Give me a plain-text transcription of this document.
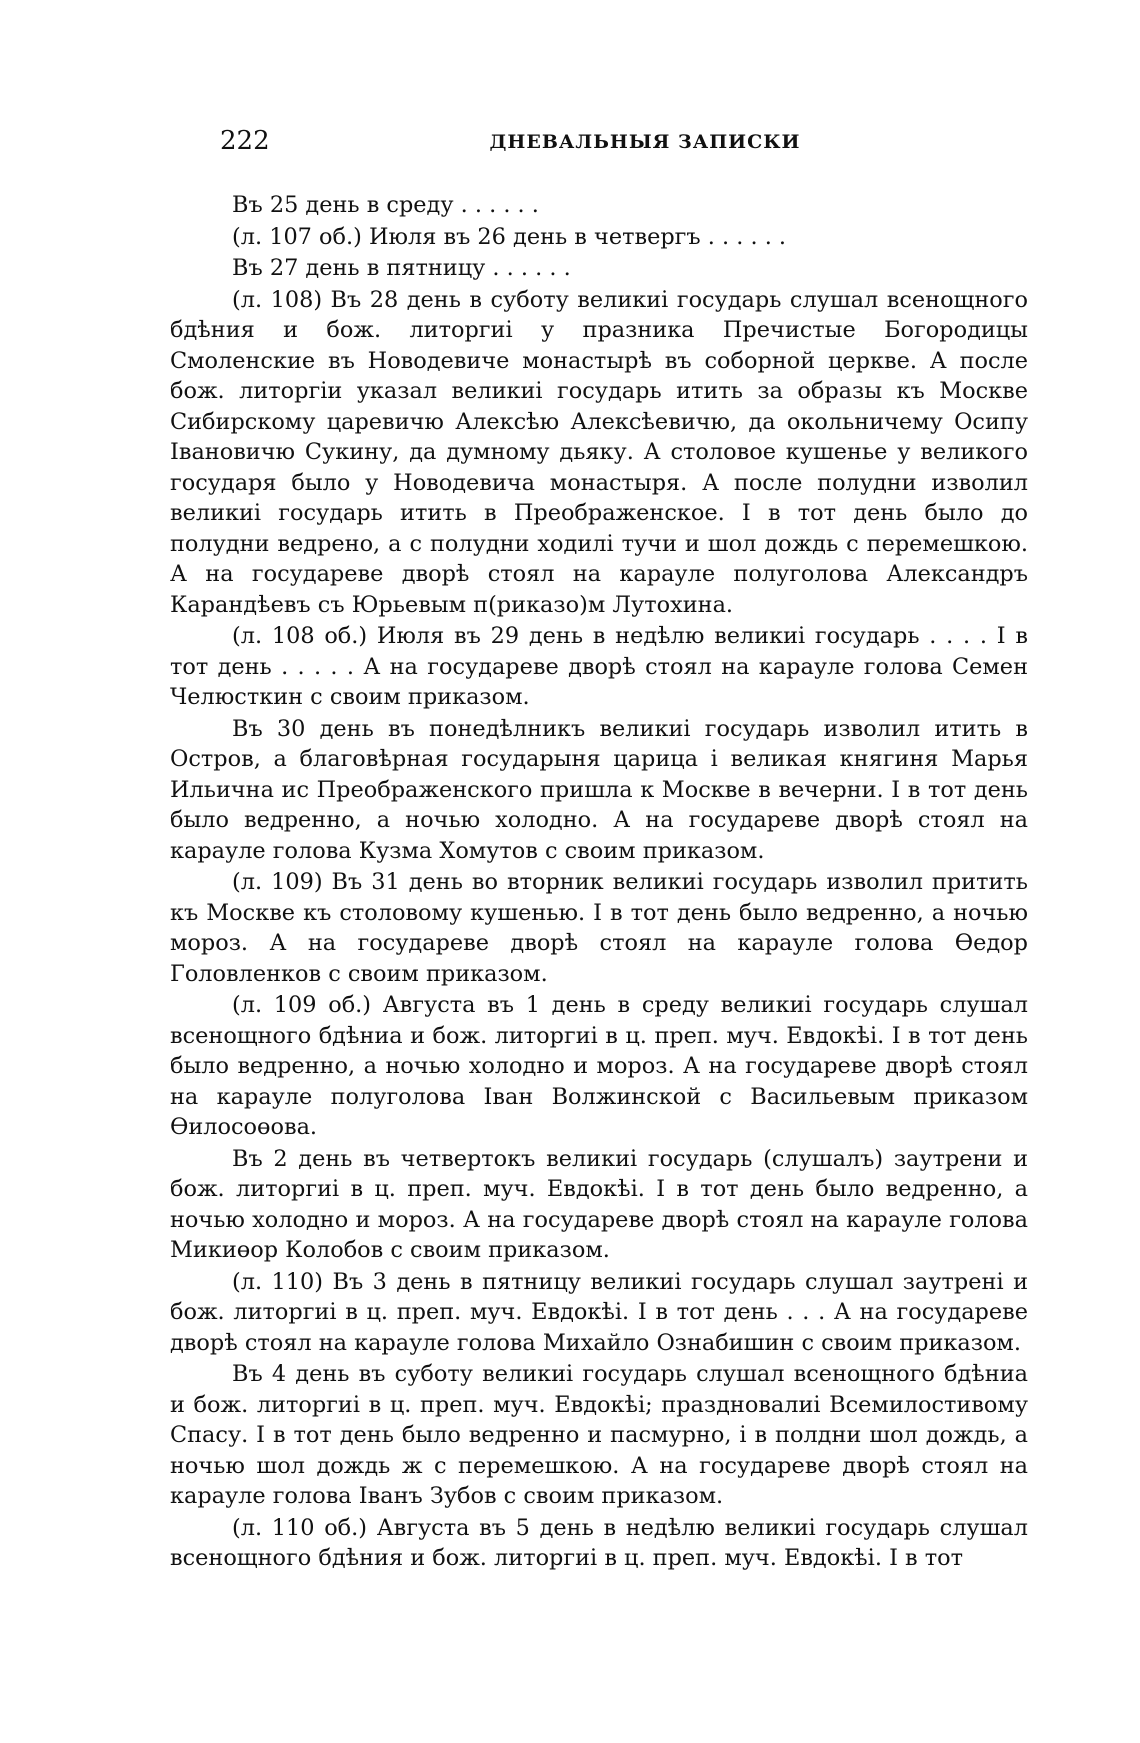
222	ДНЕВАЛЬНЫЯ ЗАПИСКИ

Въ 25 день в среду . . . . . .

(л. 107 об.) Июля въ 26 день в четвергъ . . . . . .

Въ 27 день в пятницу . . . . . .

(л. 108) Въ 28 день в суботу великиі государь слушал всенощного бдѣния и бож. литоргиі у празника Пречистые Богородицы Смоленские въ Новодевиче монастырѣ въ соборной церкве. А после бож. литоргіи указал великиі государь итить за образы къ Москве Сибирскому царевичю Алексѣю Алексѣевичю, да окольничему Осипу Івановичю Сукину, да думному дьяку. А столовое кушенье у великого государя было у Новодевича монастыря. А после полудни изволил великиі государь итить в Преображенское. І в тот день было до полудни ведрено, а с полудни ходилі тучи и шол дождь с перемешкою. А на государеве дворѣ стоял на карауле полуголова Александръ Карандѣевъ съ Юрьевым п(риказо)м Лутохина.

(л. 108 об.) Июля въ 29 день в недѣлю великиі государь . . . . І в тот день . . . . . А на государеве дворѣ стоял на карауле голова Семен Челюсткин с своим приказом.

Въ 30 день въ понедѣлникъ великиі государь изволил итить в Остров, а благовѣрная государыня царица і великая княгиня Марья Ильична ис Преображенского пришла к Москве в вечерни. І в тот день было ведренно, а ночью холодно. А на государеве дворѣ стоял на карауле голова Кузма Хомутов с своим приказом.

(л. 109) Въ 31 день во вторник великиі государь изволил притить къ Москве къ столовому кушенью. І в тот день было ведренно, а ночью мороз. А на государеве дворѣ стоял на карауле голова Өедор Головленков с своим приказом.

(л. 109 об.) Августа въ 1 день в среду великиі государь слушал всенощного бдѣниа и бож. литоргиі в ц. преп. муч. Евдокѣі. І в тот день было ведренно, а ночью холодно и мороз. А на государеве дворѣ стоял на карауле полуголова Іван Волжинской с Васильевым приказом Өилосоөова.

Въ 2 день въ четвертокъ великиі государь (слушалъ) заутрени и бож. литоргиі в ц. преп. муч. Евдокѣі. І в тот день было ведренно, а ночью холодно и мороз. А на государеве дворѣ стоял на карауле голова Микиөор Колобов с своим приказом.

(л. 110) Въ 3 день в пятницу великиі государь слушал заутренi и бож. литоргиі в ц. преп. муч. Евдокѣі. І в тот день . . . А на государеве дворѣ стоял на карауле голова Михайло Ознабишин с своим приказом.

Въ 4 день въ суботу великиі государь слушал всенощного бдѣниа и бож. литоргиі в ц. преп. муч. Евдокѣі; праздновалиі Всемилостивому Спасу. І в тот день было ведренно и пасмурно, і в полдни шол дождь, а ночью шол дождь ж с перемешкою. А на государеве дворѣ стоял на карауле голова Іванъ Зубов с своим приказом.

(л. 110 об.) Августа въ 5 день в недѣлю великиі государь слушал всенощного бдѣния и бож. литоргиі в ц. преп. муч. Евдокѣі. І в тот
